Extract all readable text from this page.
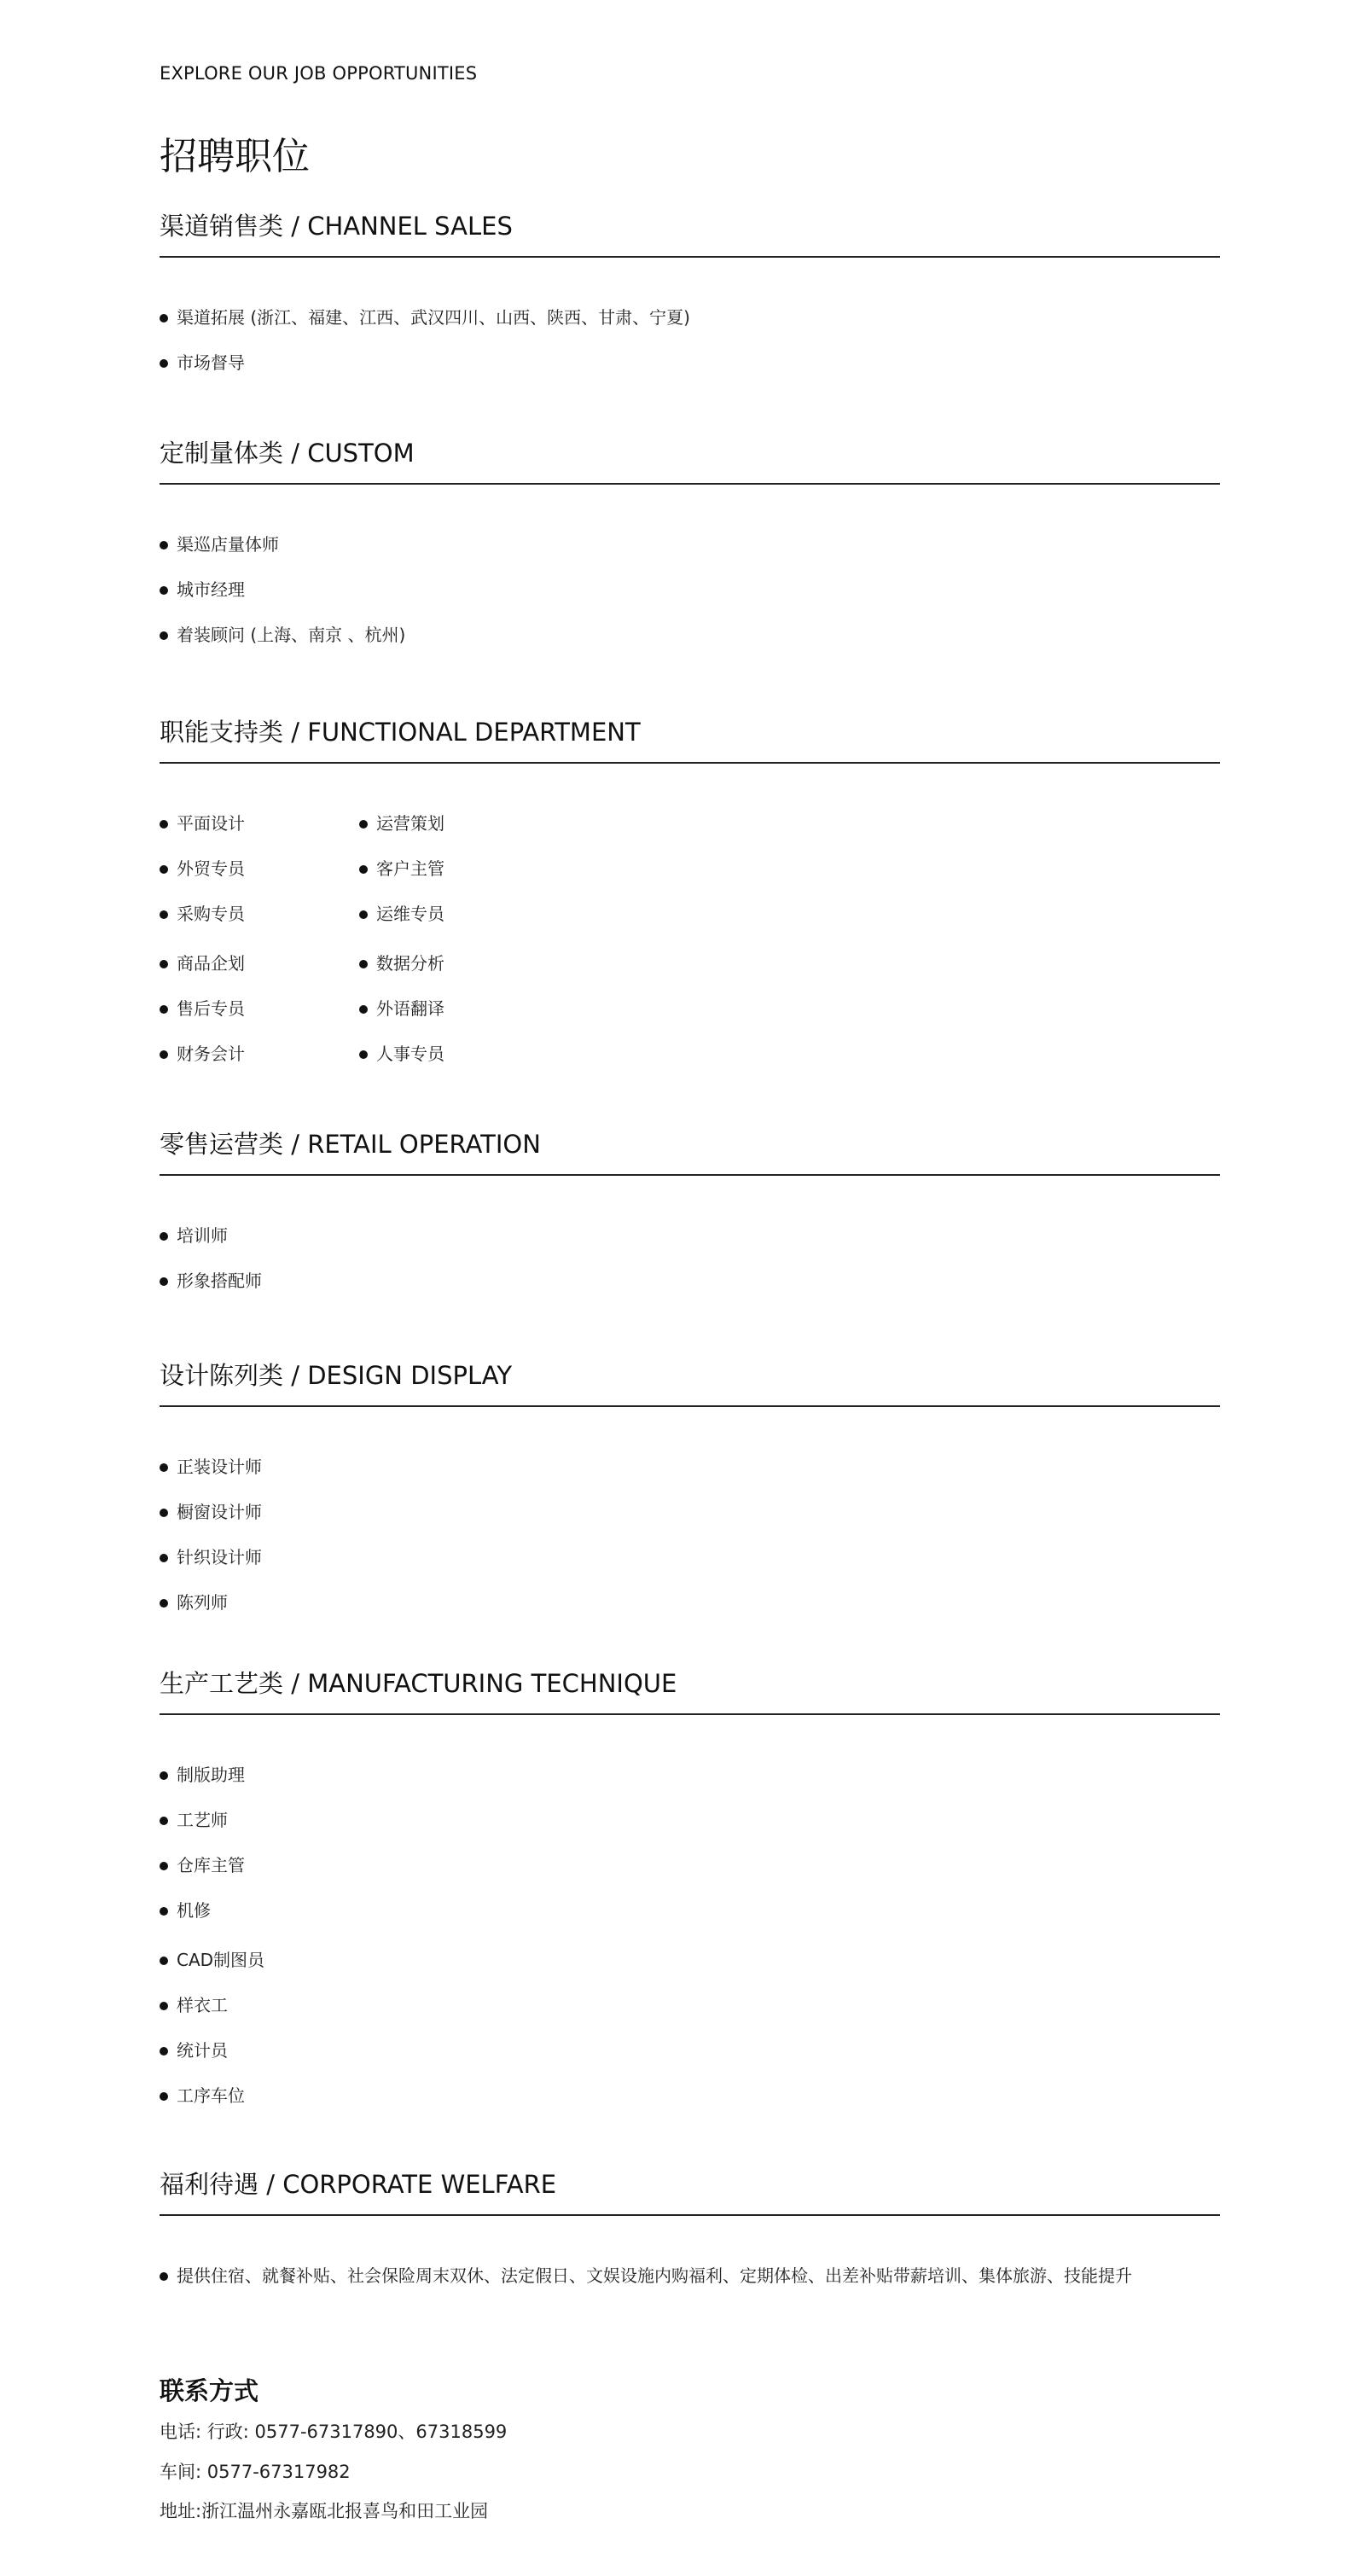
EXPLORE OUR JOB OPPORTUNITIES
招聘职位
渠道销售类 / CHANNEL SALES
渠道拓展 (浙江、福建、江西、武汉四川、山西、陕西、甘肃、宁夏)
市场督导
定制量体类 / CUSTOM
渠巡店量体师
城市经理
着装顾问 (上海、南京 、杭州)
职能支持类 / FUNCTIONAL DEPARTMENT
平面设计
外贸专员
采购专员
商品企划
售后专员
财务会计
运营策划
客户主管
运维专员
数据分析
外语翻译
人事专员
零售运营类 / RETAIL OPERATION
培训师
形象搭配师
设计陈列类 / DESIGN DISPLAY
正装设计师
橱窗设计师
针织设计师
陈列师
生产工艺类 / MANUFACTURING TECHNIQUE
制版助理
工艺师
仓库主管
机修
CAD制图员
样衣工
统计员
工序车位
福利待遇 / CORPORATE WELFARE
提供住宿、就餐补贴、社会保险周末双休、法定假日、文娱设施内购福利、定期体检、出差补贴带薪培训、集体旅游、技能提升
联系方式
电话: 行政: 0577-67317890、67318599
车间: 0577-67317982
地址:浙江温州永嘉瓯北报喜鸟和田工业园
